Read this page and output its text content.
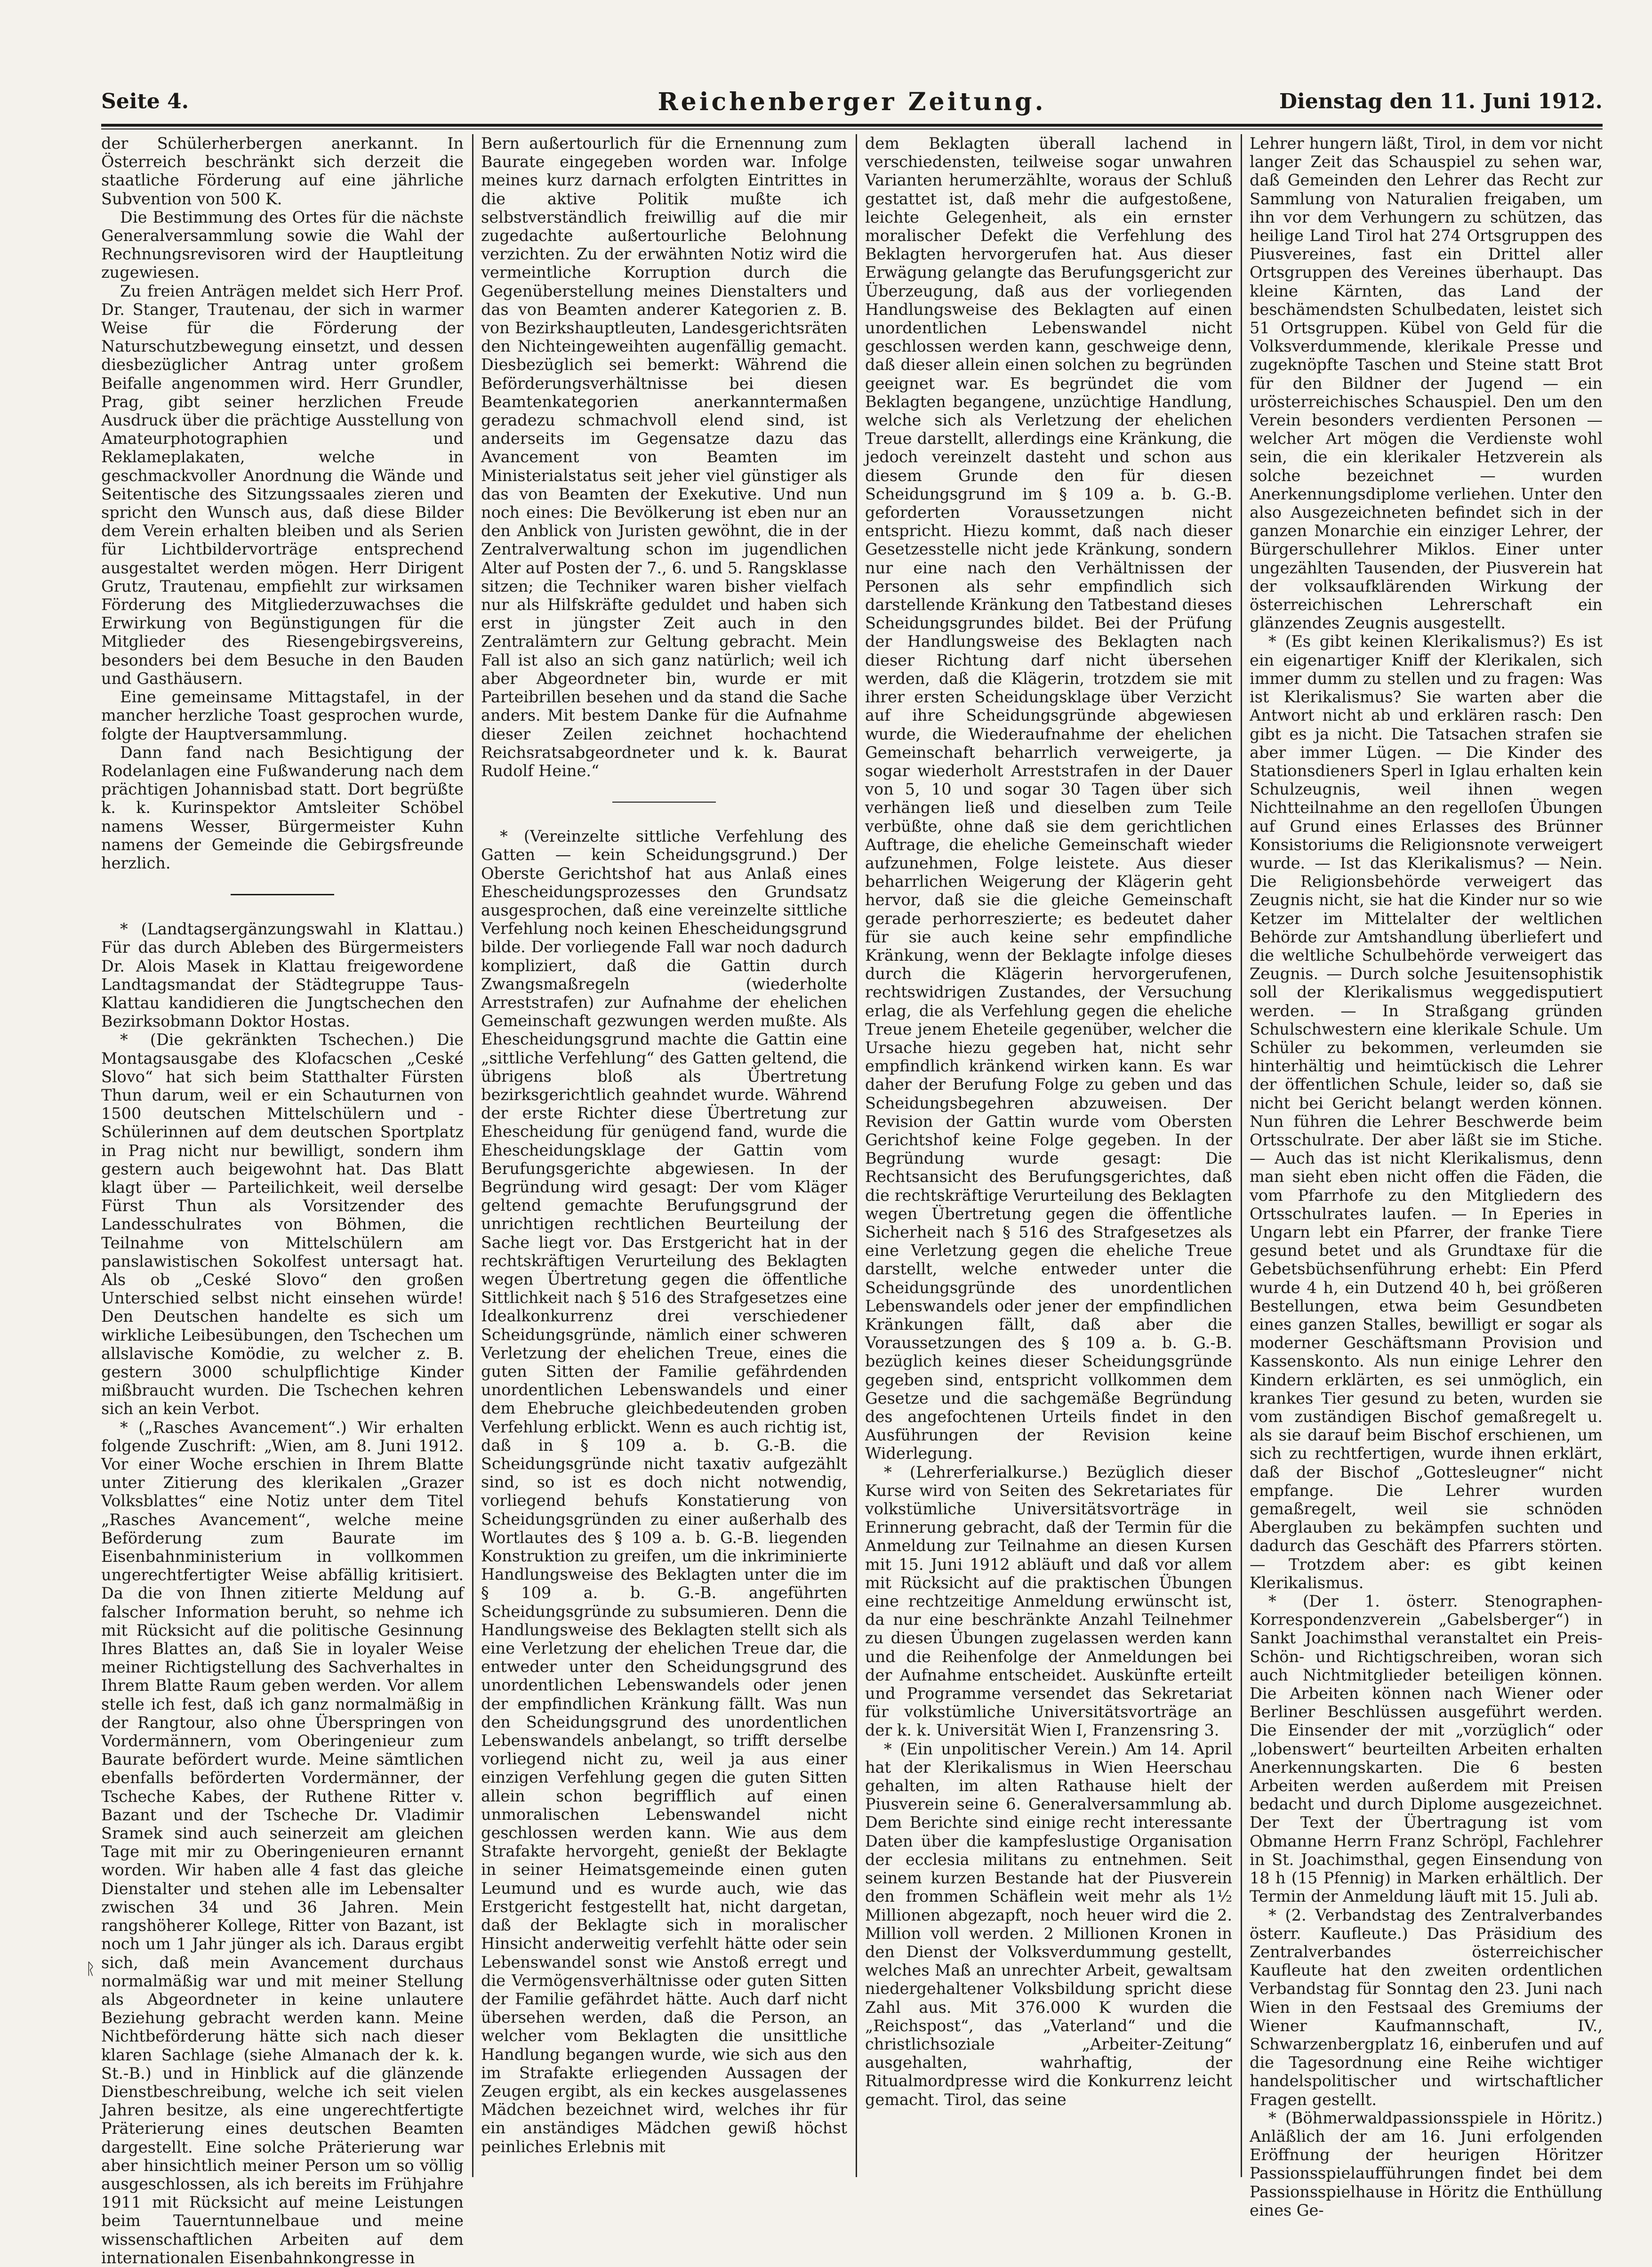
Seite 4.	Reichenberger Zeitung.	Dienstag den 11. Juni 1912.
ᚱ

der Schülerherbergen anerkannt. In Österreich beschränkt sich derzeit die staatliche Förderung auf eine jährliche Subvention von 500 K.

Die Bestimmung des Ortes für die nächste Generalversammlung sowie die Wahl der Rechnungsrevisoren wird der Hauptleitung zugewiesen.

Zu freien Anträgen meldet sich Herr Prof. Dr. Stanger, Trautenau, der sich in warmer Weise für die Förderung der Naturschutzbewegung einsetzt, und dessen diesbezüglicher Antrag unter großem Beifalle angenommen wird. Herr Grundler, Prag, gibt seiner herzlichen Freude Ausdruck über die prächtige Ausstellung von Amateurphotographien und Reklameplakaten, welche in geschmackvoller Anordnung die Wände und Seitentische des Sitzungssaales zieren und spricht den Wunsch aus, daß diese Bilder dem Verein erhalten bleiben und als Serien für Lichtbildervorträge entsprechend ausgestaltet werden mögen. Herr Dirigent Grutz, Trautenau, empfiehlt zur wirksamen Förderung des Mitgliederzuwachses die Erwirkung von Begünstigungen für die Mitglieder des Riesengebirgsvereins, besonders bei dem Besuche in den Bauden und Gasthäusern.

Eine gemeinsame Mittagstafel, in der mancher herzliche Toast gesprochen wurde, folgte der Hauptversammlung.

Dann fand nach Besichtigung der Rodelanlagen eine Fußwanderung nach dem prächtigen Johannisbad statt. Dort begrüßte k. k. Kurinspektor Amtsleiter Schöbel namens Wesser, Bürgermeister Kuhn namens der Gemeinde die Gebirgsfreunde herzlich.

* (Landtagsergänzungswahl in Klattau.) Für das durch Ableben des Bürgermeisters Dr. Alois Masek in Klattau freigewordene Landtagsmandat der Städtegruppe Taus-Klattau kandidieren die Jungtschechen den Bezirksobmann Doktor Hostas.

* (Die gekränkten Tschechen.) Die Montagsausgabe des Klofacschen „Ceské Slovo“ hat sich beim Statthalter Fürsten Thun darum, weil er ein Schauturnen von 1500 deutschen Mittelschülern und -Schülerinnen auf dem deutschen Sportplatz in Prag nicht nur bewilligt, sondern ihm gestern auch beigewohnt hat. Das Blatt klagt über — Parteilichkeit, weil derselbe Fürst Thun als Vorsitzender des Landesschulrates von Böhmen, die Teilnahme von Mittelschülern am panslawistischen Sokolfest untersagt hat. Als ob „Ceské Slovo“ den großen Unterschied selbst nicht einsehen würde! Den Deutschen handelte es sich um wirkliche Leibesübungen, den Tschechen um allslavische Komödie, zu welcher z. B. gestern 3000 schulpflichtige Kinder mißbraucht wurden. Die Tschechen kehren sich an kein Verbot.

* („Rasches Avancement“.) Wir erhalten folgende Zuschrift: „Wien, am 8. Juni 1912. Vor einer Woche erschien in Ihrem Blatte unter Zitierung des klerikalen „Grazer Volksblattes“ eine Notiz unter dem Titel „Rasches Avancement“, welche meine Beförderung zum Baurate im Eisenbahnministerium in vollkommen ungerechtfertigter Weise abfällig kritisiert. Da die von Ihnen zitierte Meldung auf falscher Information beruht, so nehme ich mit Rücksicht auf die politische Gesinnung Ihres Blattes an, daß Sie in loyaler Weise meiner Richtigstellung des Sachverhaltes in Ihrem Blatte Raum geben werden. Vor allem stelle ich fest, daß ich ganz normalmäßig in der Rangtour, also ohne Überspringen von Vordermännern, vom Oberingenieur zum Baurate befördert wurde. Meine sämtlichen ebenfalls beförderten Vordermänner, der Tscheche Kabes, der Ruthene Ritter v. Bazant und der Tscheche Dr. Vladimir Sramek sind auch seinerzeit am gleichen Tage mit mir zu Oberingenieuren ernannt worden. Wir haben alle 4 fast das gleiche Dienstalter und stehen alle im Lebensalter zwischen 34 und 36 Jahren. Mein rangshöherer Kollege, Ritter von Bazant, ist noch um 1 Jahr jünger als ich. Daraus ergibt sich, daß mein Avancement durchaus normalmäßig war und mit meiner Stellung als Abgeordneter in keine unlautere Beziehung gebracht werden kann. Meine Nichtbeförderung hätte sich nach dieser klaren Sachlage (siehe Almanach der k. k. St.-B.) und in Hinblick auf die glänzende Dienstbeschreibung, welche ich seit vielen Jahren besitze, als eine ungerechtfertigte Präterierung eines deutschen Beamten dargestellt. Eine solche Präterierung war aber hinsichtlich meiner Person um so völlig ausgeschlossen, als ich bereits im Frühjahre 1911 mit Rücksicht auf meine Leistungen beim Tauerntunnelbaue und meine wissenschaftlichen Arbeiten auf dem internationalen Eisenbahnkongresse in

Bern außertourlich für die Ernennung zum Baurate eingegeben worden war. Infolge meines kurz darnach erfolgten Eintrittes in die aktive Politik mußte ich selbstverständlich freiwillig auf die mir zugedachte außertourliche Belohnung verzichten. Zu der erwähnten Notiz wird die vermeintliche Korruption durch die Gegenüberstellung meines Dienstalters und das von Beamten anderer Kategorien z. B. von Bezirkshauptleuten, Landesgerichtsräten den Nichteingeweihten augenfällig gemacht. Diesbezüglich sei bemerkt: Während die Beförderungsverhältnisse bei diesen Beamtenkategorien anerkanntermaßen geradezu schmachvoll elend sind, ist anderseits im Gegensatze dazu das Avancement von Beamten im Ministerialstatus seit jeher viel günstiger als das von Beamten der Exekutive. Und nun noch eines: Die Bevölkerung ist eben nur an den Anblick von Juristen gewöhnt, die in der Zentralverwaltung schon im jugendlichen Alter auf Posten der 7., 6. und 5. Rangsklasse sitzen; die Techniker waren bisher vielfach nur als Hilfskräfte geduldet und haben sich erst in jüngster Zeit auch in den Zentralämtern zur Geltung gebracht. Mein Fall ist also an sich ganz natürlich; weil ich aber Abgeordneter bin, wurde er mit Parteibrillen besehen und da stand die Sache anders. Mit bestem Danke für die Aufnahme dieser Zeilen zeichnet hochachtend Reichsratsabgeordneter und k. k. Baurat Rudolf Heine.“

* (Vereinzelte sittliche Verfehlung des Gatten — kein Scheidungsgrund.) Der Oberste Gerichtshof hat aus Anlaß eines Ehescheidungsprozesses den Grundsatz ausgesprochen, daß eine vereinzelte sittliche Verfehlung noch keinen Ehescheidungsgrund bilde. Der vorliegende Fall war noch dadurch kompliziert, daß die Gattin durch Zwangsmaßregeln (wiederholte Arreststrafen) zur Aufnahme der ehelichen Gemeinschaft gezwungen werden mußte. Als Ehescheidungsgrund machte die Gattin eine „sittliche Verfehlung“ des Gatten geltend, die übrigens bloß als Übertretung bezirksgerichtlich geahndet wurde. Während der erste Richter diese Übertretung zur Ehescheidung für genügend fand, wurde die Ehescheidungsklage der Gattin vom Berufungsgerichte abgewiesen. In der Begründung wird gesagt: Der vom Kläger geltend gemachte Berufungsgrund der unrichtigen rechtlichen Beurteilung der Sache liegt vor. Das Erstgericht hat in der rechtskräftigen Verurteilung des Beklagten wegen Übertretung gegen die öffentliche Sittlichkeit nach § 516 des Strafgesetzes eine Idealkonkurrenz drei verschiedener Scheidungsgründe, nämlich einer schweren Verletzung der ehelichen Treue, eines die guten Sitten der Familie gefährdenden unordentlichen Lebenswandels und einer dem Ehebruche gleichbedeutenden groben Verfehlung erblickt. Wenn es auch richtig ist, daß in § 109 a. b. G.-B. die Scheidungsgründe nicht taxativ aufgezählt sind, so ist es doch nicht notwendig, vorliegend behufs Konstatierung von Scheidungsgründen zu einer außerhalb des Wortlautes des § 109 a. b. G.-B. liegenden Konstruktion zu greifen, um die inkriminierte Handlungsweise des Beklagten unter die im § 109 a. b. G.-B. angeführten Scheidungsgründe zu subsumieren. Denn die Handlungsweise des Beklagten stellt sich als eine Verletzung der ehelichen Treue dar, die entweder unter den Scheidungsgrund des unordentlichen Lebenswandels oder jenen der empfindlichen Kränkung fällt. Was nun den Scheidungsgrund des unordentlichen Lebenswandels anbelangt, so trifft derselbe vorliegend nicht zu, weil ja aus einer einzigen Verfehlung gegen die guten Sitten allein schon begrifflich auf einen unmoralischen Lebenswandel nicht geschlossen werden kann. Wie aus dem Strafakte hervorgeht, genießt der Beklagte in seiner Heimatsgemeinde einen guten Leumund und es wurde auch, wie das Erstgericht festgestellt hat, nicht dargetan, daß der Beklagte sich in moralischer Hinsicht anderweitig verfehlt hätte oder sein Lebenswandel sonst wie Anstoß erregt und die Vermögensverhältnisse oder guten Sitten der Familie gefährdet hätte. Auch darf nicht übersehen werden, daß die Person, an welcher vom Beklagten die unsittliche Handlung begangen wurde, wie sich aus den im Strafakte erliegenden Aussagen der Zeugen ergibt, als ein keckes ausgelassenes Mädchen bezeichnet wird, welches ihr für ein anständiges Mädchen gewiß höchst peinliches Erlebnis mit

dem Beklagten überall lachend in verschiedensten, teilweise sogar unwahren Varianten herumerzählte, woraus der Schluß gestattet ist, daß mehr die aufgestoßene, leichte Gelegenheit, als ein ernster moralischer Defekt die Verfehlung des Beklagten hervorgerufen hat. Aus dieser Erwägung gelangte das Berufungsgericht zur Überzeugung, daß aus der vorliegenden Handlungsweise des Beklagten auf einen unordentlichen Lebenswandel nicht geschlossen werden kann, geschweige denn, daß dieser allein einen solchen zu begründen geeignet war. Es begründet die vom Beklagten begangene, unzüchtige Handlung, welche sich als Verletzung der ehelichen Treue darstellt, allerdings eine Kränkung, die jedoch vereinzelt dasteht und schon aus diesem Grunde den für diesen Scheidungsgrund im § 109 a. b. G.-B. geforderten Voraussetzungen nicht entspricht. Hiezu kommt, daß nach dieser Gesetzesstelle nicht jede Kränkung, sondern nur eine nach den Verhältnissen der Personen als sehr empfindlich sich darstellende Kränkung den Tatbestand dieses Scheidungsgrundes bildet. Bei der Prüfung der Handlungsweise des Beklagten nach dieser Richtung darf nicht übersehen werden, daß die Klägerin, trotzdem sie mit ihrer ersten Scheidungsklage über Verzicht auf ihre Scheidungsgründe abgewiesen wurde, die Wiederaufnahme der ehelichen Gemeinschaft beharrlich verweigerte, ja sogar wiederholt Arreststrafen in der Dauer von 5, 10 und sogar 30 Tagen über sich verhängen ließ und dieselben zum Teile verbüßte, ohne daß sie dem gerichtlichen Auftrage, die eheliche Gemeinschaft wieder aufzunehmen, Folge leistete. Aus dieser beharrlichen Weigerung der Klägerin geht hervor, daß sie die gleiche Gemeinschaft gerade perhorreszierte; es bedeutet daher für sie auch keine sehr empfindliche Kränkung, wenn der Beklagte infolge dieses durch die Klägerin hervorgerufenen, rechtswidrigen Zustandes, der Versuchung erlag, die als Verfehlung gegen die eheliche Treue jenem Eheteile gegenüber, welcher die Ursache hiezu gegeben hat, nicht sehr empfindlich kränkend wirken kann. Es war daher der Berufung Folge zu geben und das Scheidungsbegehren abzuweisen. Der Revision der Gattin wurde vom Obersten Gerichtshof keine Folge gegeben. In der Begründung wurde gesagt: Die Rechtsansicht des Berufungsgerichtes, daß die rechtskräftige Verurteilung des Beklagten wegen Übertretung gegen die öffentliche Sicherheit nach § 516 des Strafgesetzes als eine Verletzung gegen die eheliche Treue darstellt, welche entweder unter die Scheidungsgründe des unordentlichen Lebenswandels oder jener der empfindlichen Kränkungen fällt, daß aber die Voraussetzungen des § 109 a. b. G.-B. bezüglich keines dieser Scheidungsgründe gegeben sind, entspricht vollkommen dem Gesetze und die sachgemäße Begründung des angefochtenen Urteils findet in den Ausführungen der Revision keine Widerlegung.

* (Lehrerferialkurse.) Bezüglich dieser Kurse wird von Seiten des Sekretariates für volkstümliche Universitätsvorträge in Erinnerung gebracht, daß der Termin für die Anmeldung zur Teilnahme an diesen Kursen mit 15. Juni 1912 abläuft und daß vor allem mit Rücksicht auf die praktischen Übungen eine rechtzeitige Anmeldung erwünscht ist, da nur eine beschränkte Anzahl Teilnehmer zu diesen Übungen zugelassen werden kann und die Reihenfolge der Anmeldungen bei der Aufnahme entscheidet. Auskünfte erteilt und Programme versendet das Sekretariat für volkstümliche Universitätsvorträge an der k. k. Universität Wien I, Franzensring 3.

* (Ein unpolitischer Verein.) Am 14. April hat der Klerikalismus in Wien Heerschau gehalten, im alten Rathause hielt der Piusverein seine 6. Generalversammlung ab. Dem Berichte sind einige recht interessante Daten über die kampfeslustige Organisation der ecclesia militans zu entnehmen. Seit seinem kurzen Bestande hat der Piusverein den frommen Schäflein weit mehr als 1½ Millionen abgezapft, noch heuer wird die 2. Million voll werden. 2 Millionen Kronen in den Dienst der Volksverdummung gestellt, welches Maß an unrechter Arbeit, gewaltsam niedergehaltener Volksbildung spricht diese Zahl aus. Mit 376.000 K wurden die „Reichspost“, das „Vaterland“ und die christlichsoziale „Arbeiter-Zeitung“ ausgehalten, wahrhaftig, der Ritualmordpresse wird die Konkurrenz leicht gemacht. Tirol, das seine

Lehrer hungern läßt, Tirol, in dem vor nicht langer Zeit das Schauspiel zu sehen war, daß Gemeinden den Lehrer das Recht zur Sammlung von Naturalien freigaben, um ihn vor dem Verhungern zu schützen, das heilige Land Tirol hat 274 Ortsgruppen des Piusvereines, fast ein Drittel aller Ortsgruppen des Vereines überhaupt. Das kleine Kärnten, das Land der beschämendsten Schulbedaten, leistet sich 51 Ortsgruppen. Kübel von Geld für die Volksverdummende, klerikale Presse und zugeknöpfte Taschen und Steine statt Brot für den Bildner der Jugend — ein urösterreichisches Schauspiel. Den um den Verein besonders verdienten Personen — welcher Art mögen die Verdienste wohl sein, die ein klerikaler Hetzverein als solche bezeichnet — wurden Anerkennungsdiplome verliehen. Unter den also Ausgezeichneten befindet sich in der ganzen Monarchie ein einziger Lehrer, der Bürgerschullehrer Miklos. Einer unter ungezählten Tausenden, der Piusverein hat der volksaufklärenden Wirkung der österreichischen Lehrerschaft ein glänzendes Zeugnis ausgestellt.

* (Es gibt keinen Klerikalismus?) Es ist ein eigenartiger Kniff der Klerikalen, sich immer dumm zu stellen und zu fragen: Was ist Klerikalismus? Sie warten aber die Antwort nicht ab und erklären rasch: Den gibt es ja nicht. Die Tatsachen strafen sie aber immer Lügen. — Die Kinder des Stationsdieners Sperl in Iglau erhalten kein Schulzeugnis, weil ihnen wegen Nichtteilnahme an den regelloſen Übungen auf Grund eines Erlasses des Brünner Konsistoriums die Religionsnote verweigert wurde. — Ist das Klerikalismus? — Nein. Die Religionsbehörde verweigert das Zeugnis nicht, sie hat die Kinder nur so wie Ketzer im Mittelalter der weltlichen Behörde zur Amtshandlung überliefert und die weltliche Schulbehörde verweigert das Zeugnis. — Durch solche Jesuitensophistik soll der Klerikalismus weggedisputiert werden. — In Straßgang gründen Schulschwestern eine klerikale Schule. Um Schüler zu bekommen, verleumden sie hinterhältig und heimtückisch die Lehrer der öffentlichen Schule, leider so, daß sie nicht bei Gericht belangt werden können. Nun führen die Lehrer Beschwerde beim Ortsschulrate. Der aber läßt sie im Stiche. — Auch das ist nicht Klerikalismus, denn man sieht eben nicht offen die Fäden, die vom Pfarrhofe zu den Mitgliedern des Ortsschulrates laufen. — In Eperies in Ungarn lebt ein Pfarrer, der franke Tiere gesund betet und als Grundtaxe für die Gebetsbüchsenführung erhebt: Ein Pferd wurde 4 h, ein Dutzend 40 h, bei größeren Bestellungen, etwa beim Gesundbeten eines ganzen Stalles, bewilligt er sogar als moderner Geschäftsmann Provision und Kassenskonto. Als nun einige Lehrer den Kindern erklärten, es sei unmöglich, ein krankes Tier gesund zu beten, wurden sie vom zuständigen Bischof gemaßregelt u. als sie darauf beim Bischof erschienen, um sich zu rechtfertigen, wurde ihnen erklärt, daß der Bischof „Gottesleugner“ nicht empfange. Die Lehrer wurden gemaßregelt, weil sie schnöden Aberglauben zu bekämpfen suchten und dadurch das Geschäft des Pfarrers störten. — Trotzdem aber: es gibt keinen Klerikalismus.

* (Der 1. österr. Stenographen-Korrespondenzverein „Gabelsberger“) in Sankt Joachimsthal veranstaltet ein Preis-Schön- und Richtigschreiben, woran sich auch Nichtmitglieder beteiligen können. Die Arbeiten können nach Wiener oder Berliner Beschlüssen ausgeführt werden. Die Einsender der mit „vorzüglich“ oder „lobenswert“ beurteilten Arbeiten erhalten Anerkennungskarten. Die 6 besten Arbeiten werden außerdem mit Preisen bedacht und durch Diplome ausgezeichnet. Der Text der Übertragung ist vom Obmanne Herrn Franz Schröpl, Fachlehrer in St. Joachimsthal, gegen Einsendung von 18 h (15 Pfennig) in Marken erhältlich. Der Termin der Anmeldung läuft mit 15. Juli ab.

* (2. Verbandstag des Zentralverbandes österr. Kaufleute.) Das Präsidium des Zentralverbandes österreichischer Kaufleute hat den zweiten ordentlichen Verbandstag für Sonntag den 23. Juni nach Wien in den Festsaal des Gremiums der Wiener Kaufmannschaft, IV., Schwarzenbergplatz 16, einberufen und auf die Tagesordnung eine Reihe wichtiger handelspolitischer und wirtschaftlicher Fragen gestellt.

* (Böhmerwaldpassionsspiele in Höritz.) Anläßlich der am 16. Juni erfolgenden Eröffnung der heurigen Höritzer Passionsspielaufführungen findet bei dem Passionsspielhause in Höritz die Enthüllung eines Ge-
